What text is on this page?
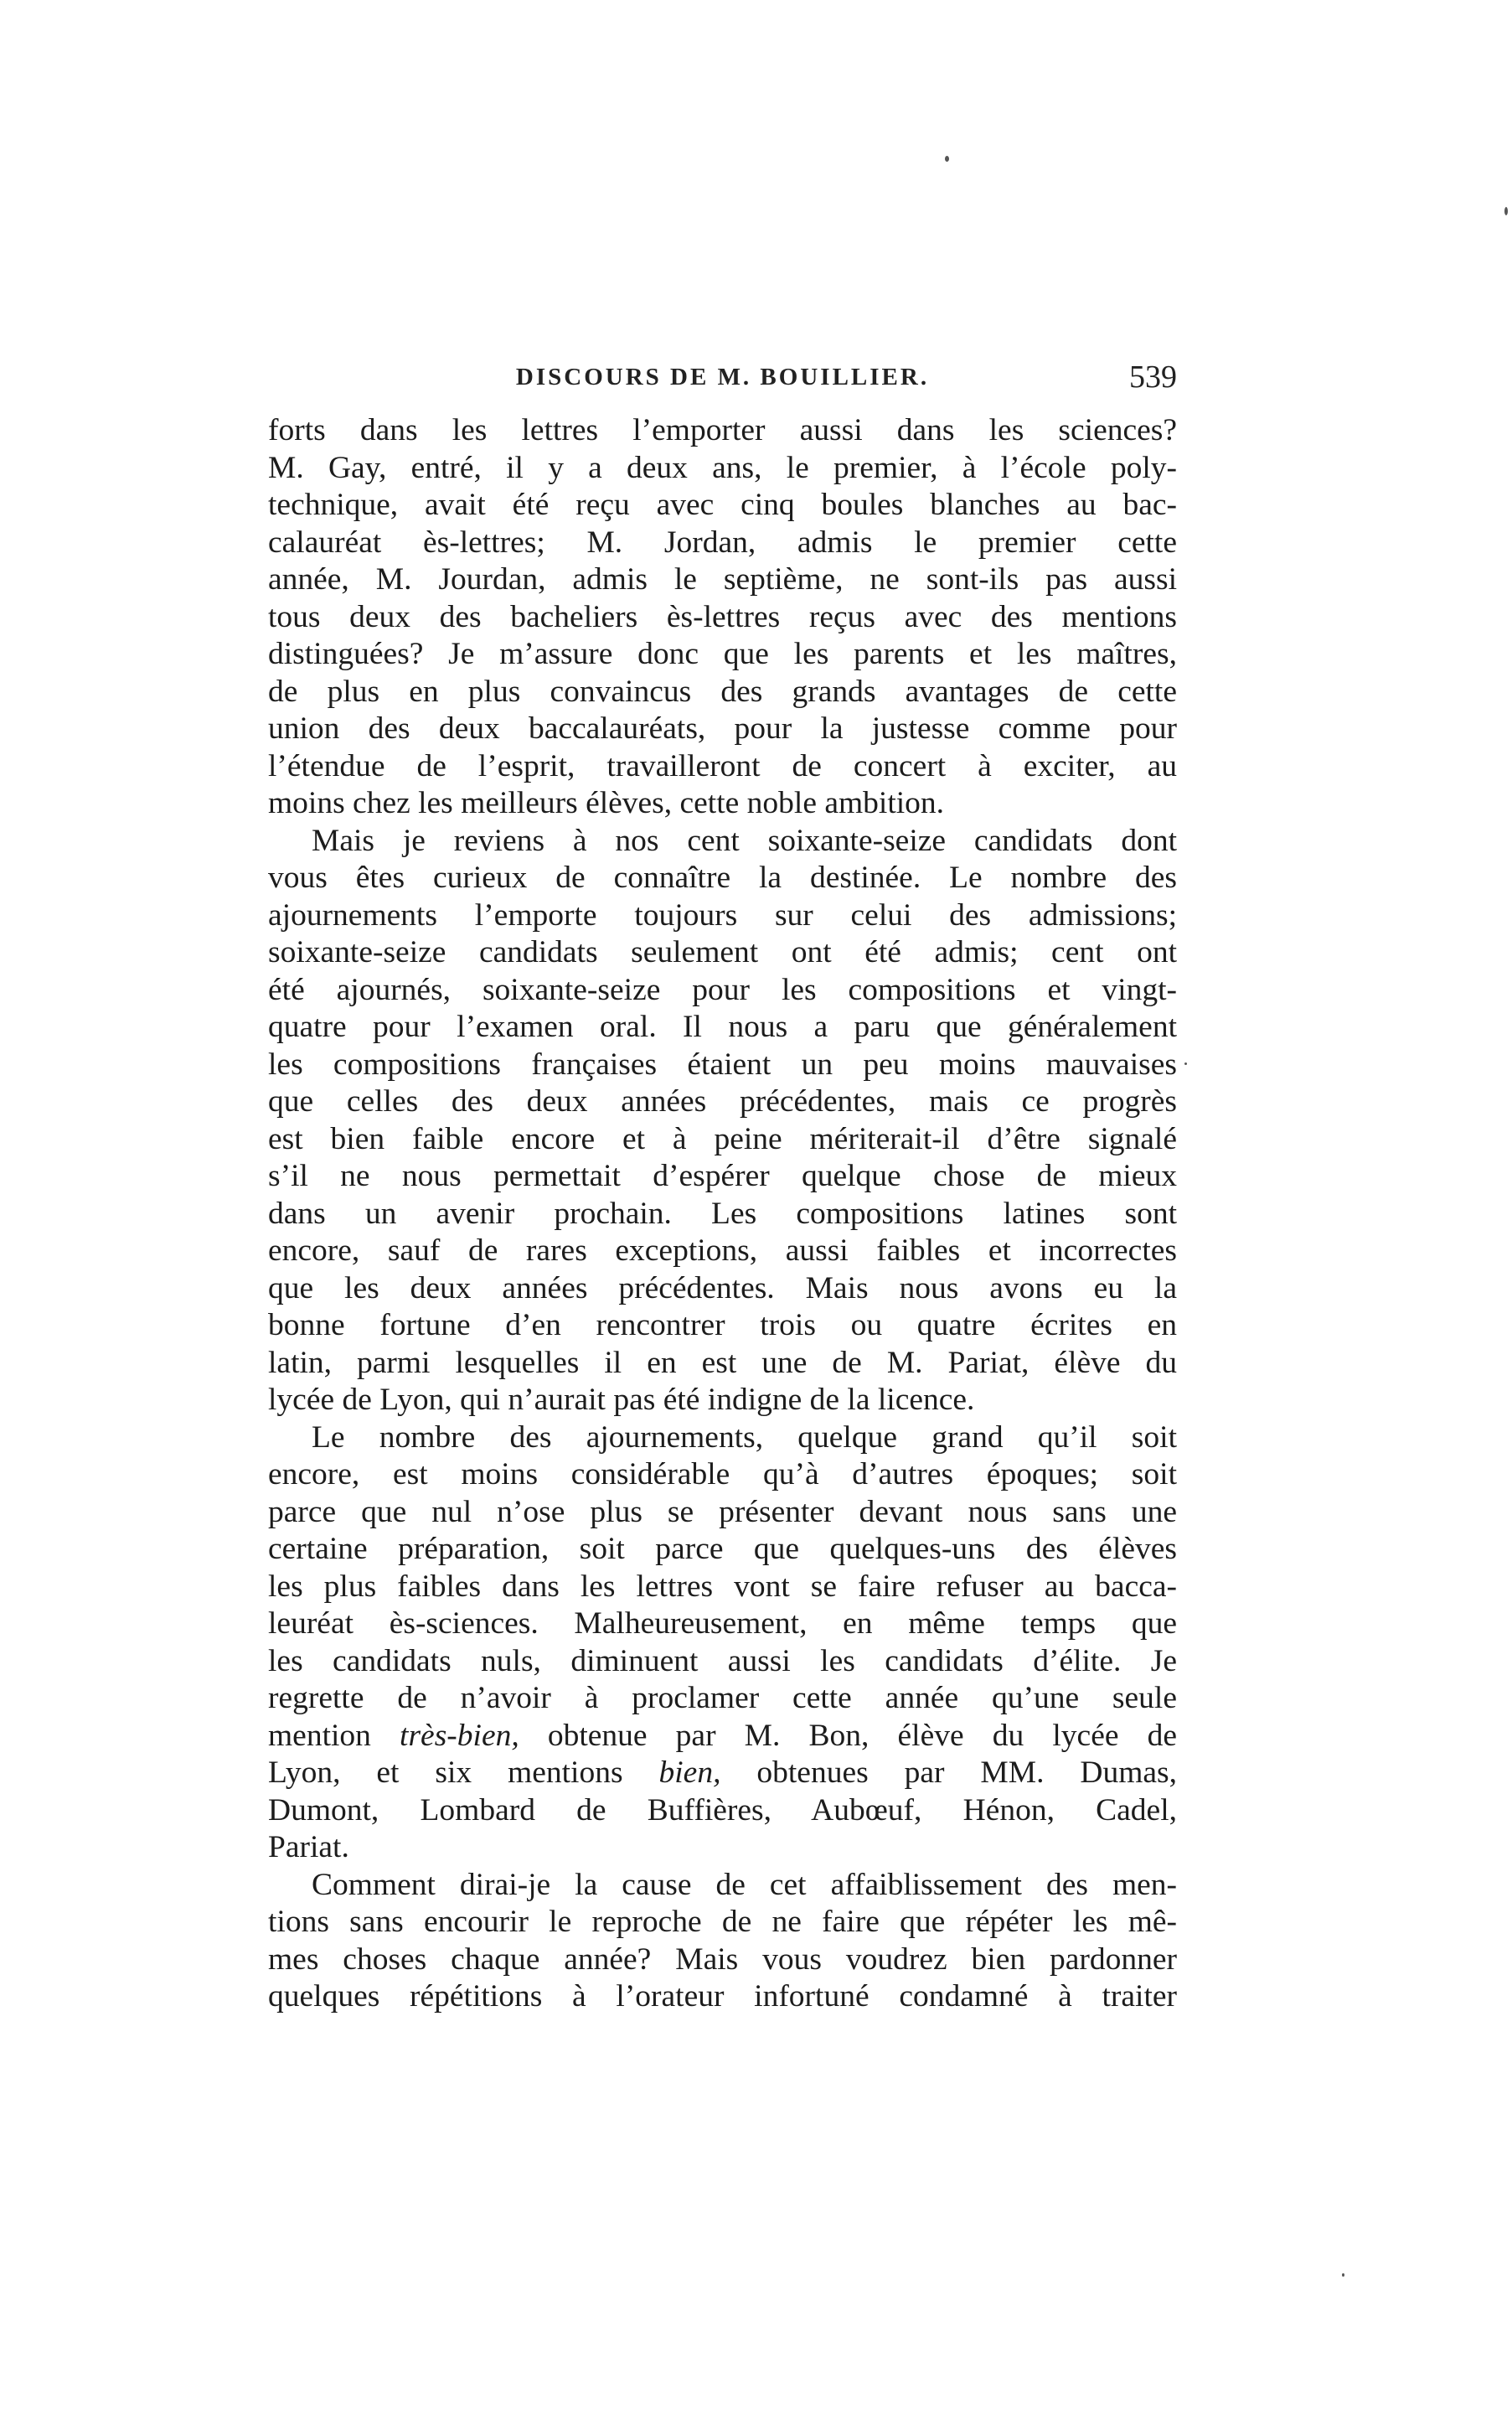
DISCOURS DE M. BOUILLIER.	539
forts dans les lettres l’emporter aussi dans les sciences?
M. Gay, entré, il y a deux ans, le premier, à l’école poly-
technique, avait été reçu avec cinq boules blanches au bac-
calauréat ès-lettres; M. Jordan, admis le premier cette
année, M. Jourdan, admis le septième, ne sont-ils pas aussi
tous deux des bacheliers ès-lettres reçus avec des mentions
distinguées? Je m’assure donc que les parents et les maîtres,
de plus en plus convaincus des grands avantages de cette
union des deux baccalauréats, pour la justesse comme pour
l’étendue de l’esprit, travailleront de concert à exciter, au
moins chez les meilleurs élèves, cette noble ambition.
Mais je reviens à nos cent soixante-seize candidats dont
vous êtes curieux de connaître la destinée. Le nombre des
ajournements l’emporte toujours sur celui des admissions;
soixante-seize candidats seulement ont été admis; cent ont
été ajournés, soixante-seize pour les compositions et vingt-
quatre pour l’examen oral. Il nous a paru que généralement
les compositions françaises étaient un peu moins mauvaises
que celles des deux années précédentes, mais ce progrès
est bien faible encore et à peine mériterait-il d’être signalé
s’il ne nous permettait d’espérer quelque chose de mieux
dans un avenir prochain. Les compositions latines sont
encore, sauf de rares exceptions, aussi faibles et incorrectes
que les deux années précédentes. Mais nous avons eu la
bonne fortune d’en rencontrer trois ou quatre écrites en
latin, parmi lesquelles il en est une de M. Pariat, élève du
lycée de Lyon, qui n’aurait pas été indigne de la licence.
Le nombre des ajournements, quelque grand qu’il soit
encore, est moins considérable qu’à d’autres époques; soit
parce que nul n’ose plus se présenter devant nous sans une
certaine préparation, soit parce que quelques-uns des élèves
les plus faibles dans les lettres vont se faire refuser au bacca-
leuréat ès-sciences. Malheureusement, en même temps que
les candidats nuls, diminuent aussi les candidats d’élite. Je
regrette de n’avoir à proclamer cette année qu’une seule
mention très-bien, obtenue par M. Bon, élève du lycée de
Lyon, et six mentions bien, obtenues par MM. Dumas,
Dumont, Lombard de Buffières, Aubœuf, Hénon, Cadel,
Pariat.
Comment dirai-je la cause de cet affaiblissement des men-
tions sans encourir le reproche de ne faire que répéter les mê-
mes choses chaque année? Mais vous voudrez bien pardonner
quelques répétitions à l’orateur infortuné condamné à traiter
